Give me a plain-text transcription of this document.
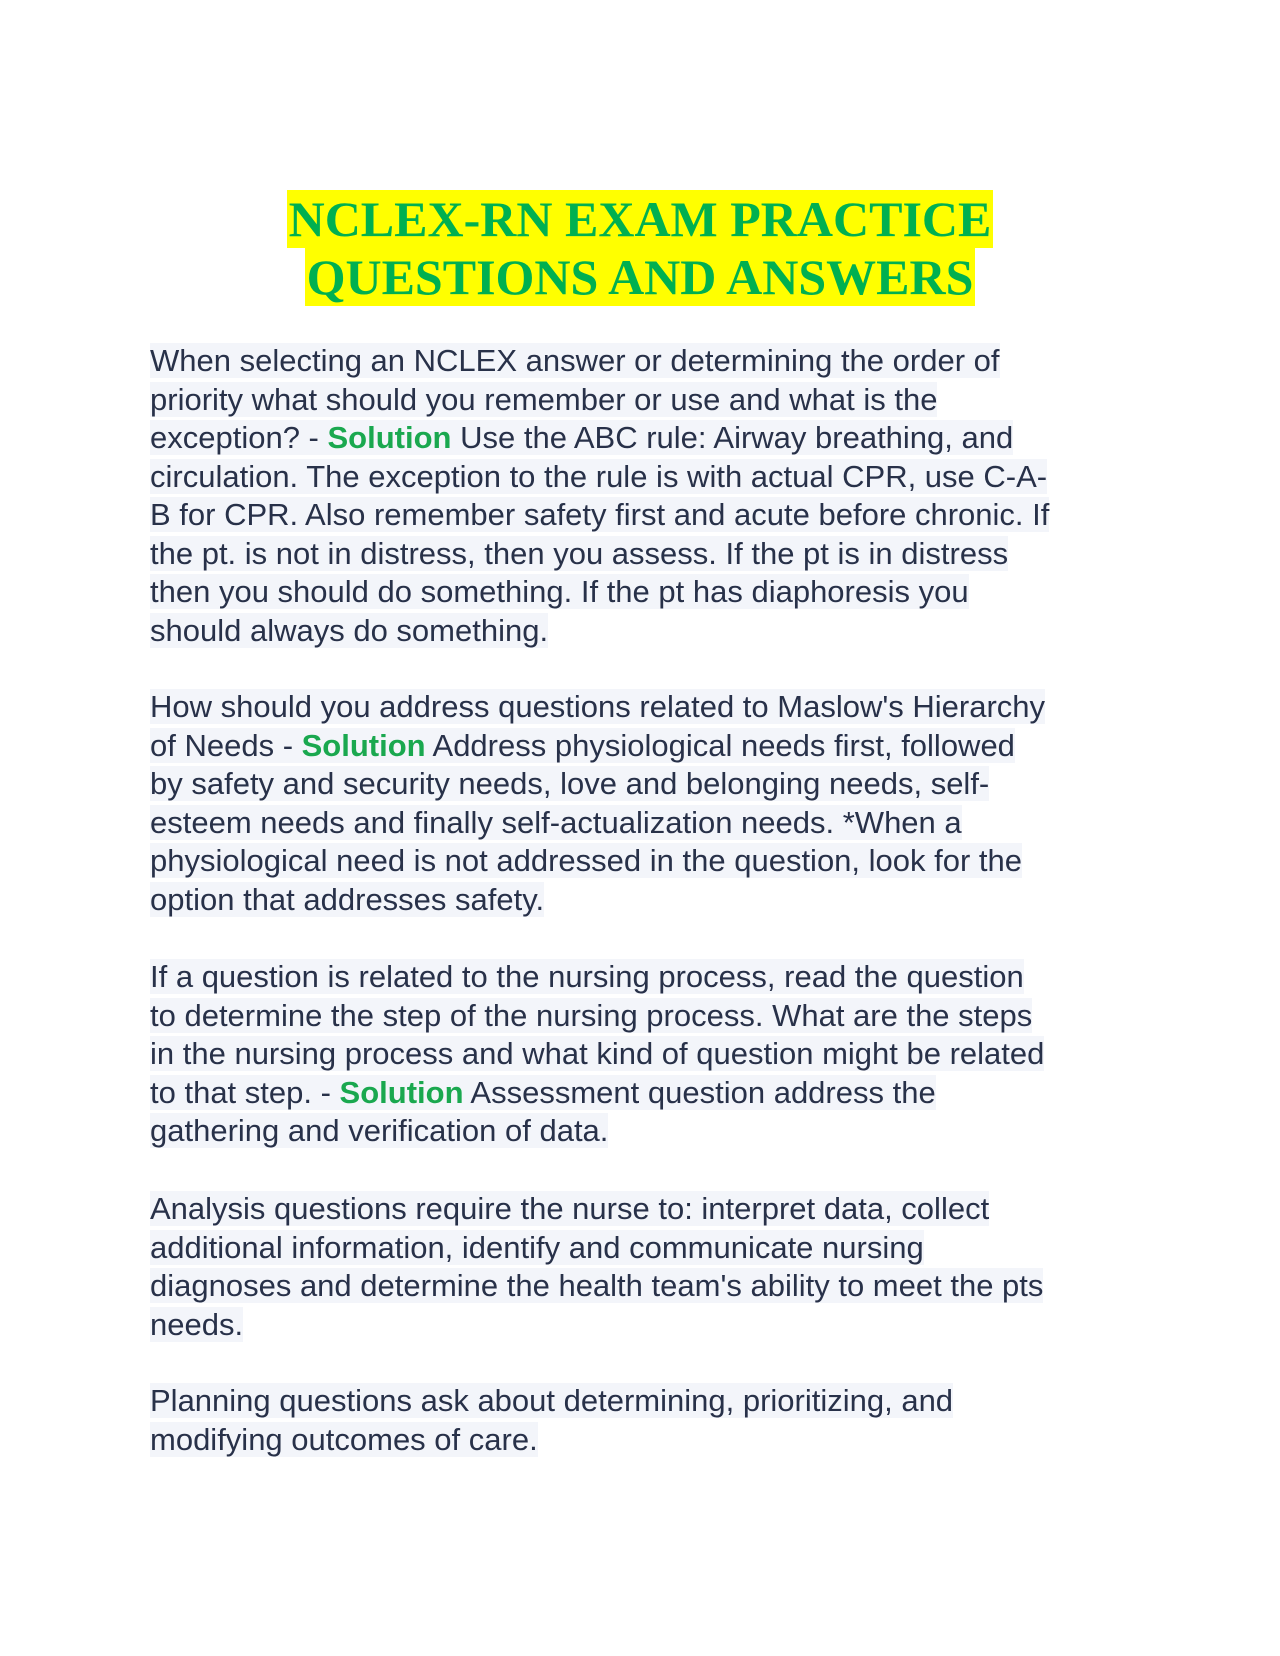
NCLEX-RN EXAM PRACTICE
QUESTIONS AND ANSWERS
When selecting an NCLEX answer or determining the order of
priority what should you remember or use and what is the
exception? - Solution Use the ABC rule: Airway breathing, and
circulation. The exception to the rule is with actual CPR, use C-A-
B for CPR. Also remember safety first and acute before chronic. If
the pt. is not in distress, then you assess. If the pt is in distress
then you should do something. If the pt has diaphoresis you
should always do something.
How should you address questions related to Maslow's Hierarchy
of Needs - Solution Address physiological needs first, followed
by safety and security needs, love and belonging needs, self-
esteem needs and finally self-actualization needs. *When a
physiological need is not addressed in the question, look for the
option that addresses safety.
If a question is related to the nursing process, read the question
to determine the step of the nursing process. What are the steps
in the nursing process and what kind of question might be related
to that step. - Solution Assessment question address the
gathering and verification of data.
Analysis questions require the nurse to: interpret data, collect
additional information, identify and communicate nursing
diagnoses and determine the health team's ability to meet the pts
needs.
Planning questions ask about determining, prioritizing, and
modifying outcomes of care.
